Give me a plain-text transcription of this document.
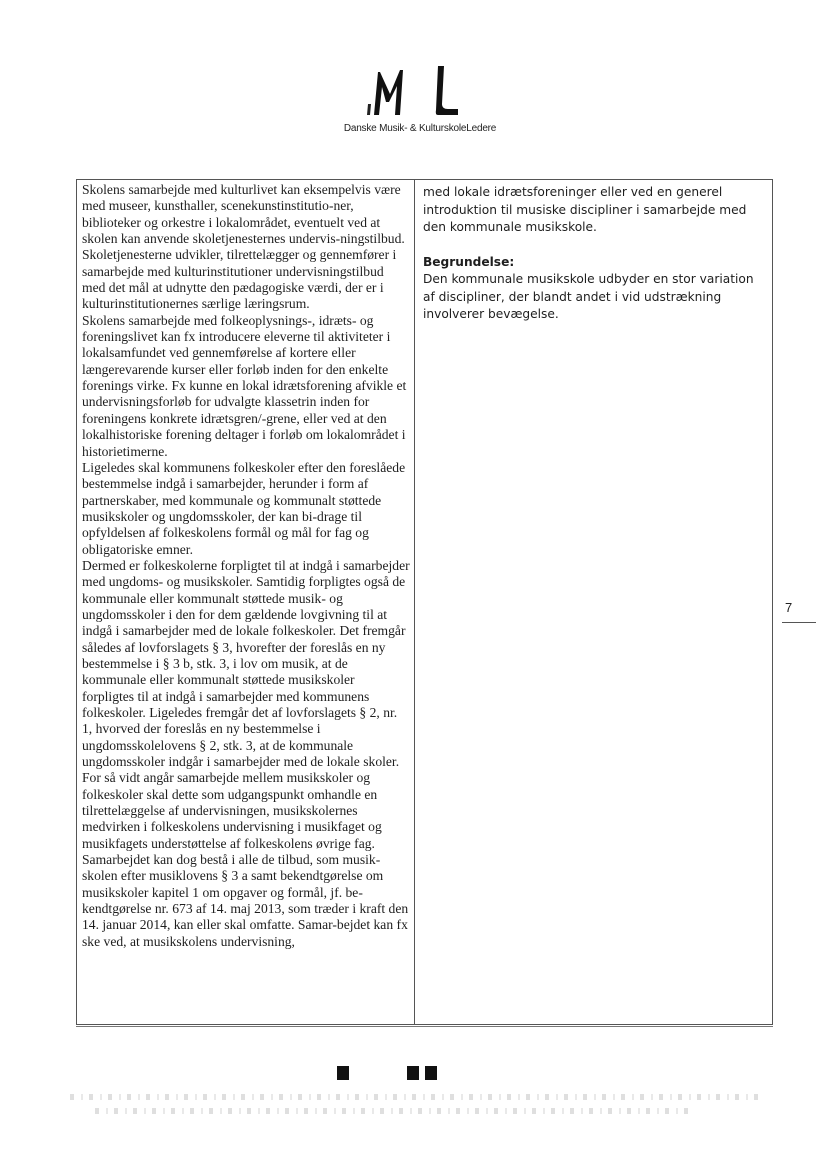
Danske Musik- & KulturskoleLedere

Skolens samarbejde med kulturlivet kan eksempelvis være med museer, kunsthaller, scenekunstinstitutio-ner, biblioteker og orkestre i lokalområdet, eventuelt ved at skolen kan anvende skoletjenesternes undervis-ningstilbud. Skoletjenesterne udvikler, tilrettelægger og gennemfører i samarbejde med kulturinstitutioner undervisningstilbud med det mål at udnytte den pædagogiske værdi, der er i kulturinstitutionernes særlige læringsrum.

Skolens samarbejde med folkeoplysnings-, idræts- og foreningslivet kan fx introducere eleverne til aktiviteter i lokalsamfundet ved gennemførelse af kortere eller længerevarende kurser eller forløb inden for den enkelte forenings virke. Fx kunne en lokal idrætsforening afvikle et undervisningsforløb for udvalgte klassetrin inden for foreningens konkrete idrætsgren/-grene, eller ved at den lokalhistoriske forening deltager i forløb om lokalområdet i historietimerne.

Ligeledes skal kommunens folkeskoler efter den foreslåede bestemmelse indgå i samarbejder, herunder i form af partnerskaber, med kommunale og kommunalt støttede musikskoler og ungdomsskoler, der kan bi-drage til opfyldelsen af folkeskolens formål og mål for fag og obligatoriske emner.

Dermed er folkeskolerne forpligtet til at indgå i samarbejder med ungdoms- og musikskoler. Samtidig forpligtes også de kommunale eller kommunalt støttede musik- og ungdomsskoler i den for dem gældende lovgivning til at indgå i samarbejder med de lokale folkeskoler. Det fremgår således af lovforslagets § 3, hvorefter der foreslås en ny bestemmelse i § 3 b, stk. 3, i lov om musik, at de kommunale eller kommunalt støttede musikskoler forpligtes til at indgå i samarbejder med kommunens folkeskoler. Ligeledes fremgår det af lovforslagets § 2, nr. 1, hvorved der foreslås en ny bestemmelse i ungdomsskolelovens § 2, stk. 3, at de kommunale ungdomsskoler indgår i samarbejder med de lokale skoler.

For så vidt angår samarbejde mellem musikskoler og folkeskoler skal dette som udgangspunkt omhandle en tilrettelæggelse af undervisningen, musikskolernes medvirken i folkeskolens undervisning i musikfaget og musikfagets understøttelse af folkeskolens øvrige fag. Samarbejdet kan dog bestå i alle de tilbud, som musik-skolen efter musiklovens § 3 a samt bekendtgørelse om musikskoler kapitel 1 om opgaver og formål, jf. be-kendtgørelse nr. 673 af 14. maj 2013, som træder i kraft den 14. januar 2014, kan eller skal omfatte. Samar-bejdet kan fx ske ved, at musikskolens undervisning,

med lokale idrætsforeninger eller ved en generel introduktion til musiske discipliner i samarbejde med den kommunale musikskole.

Begrundelse:

Den kommunale musikskole udbyder en stor variation af discipliner, der blandt andet i vid udstrækning involverer bevægelse.

7
